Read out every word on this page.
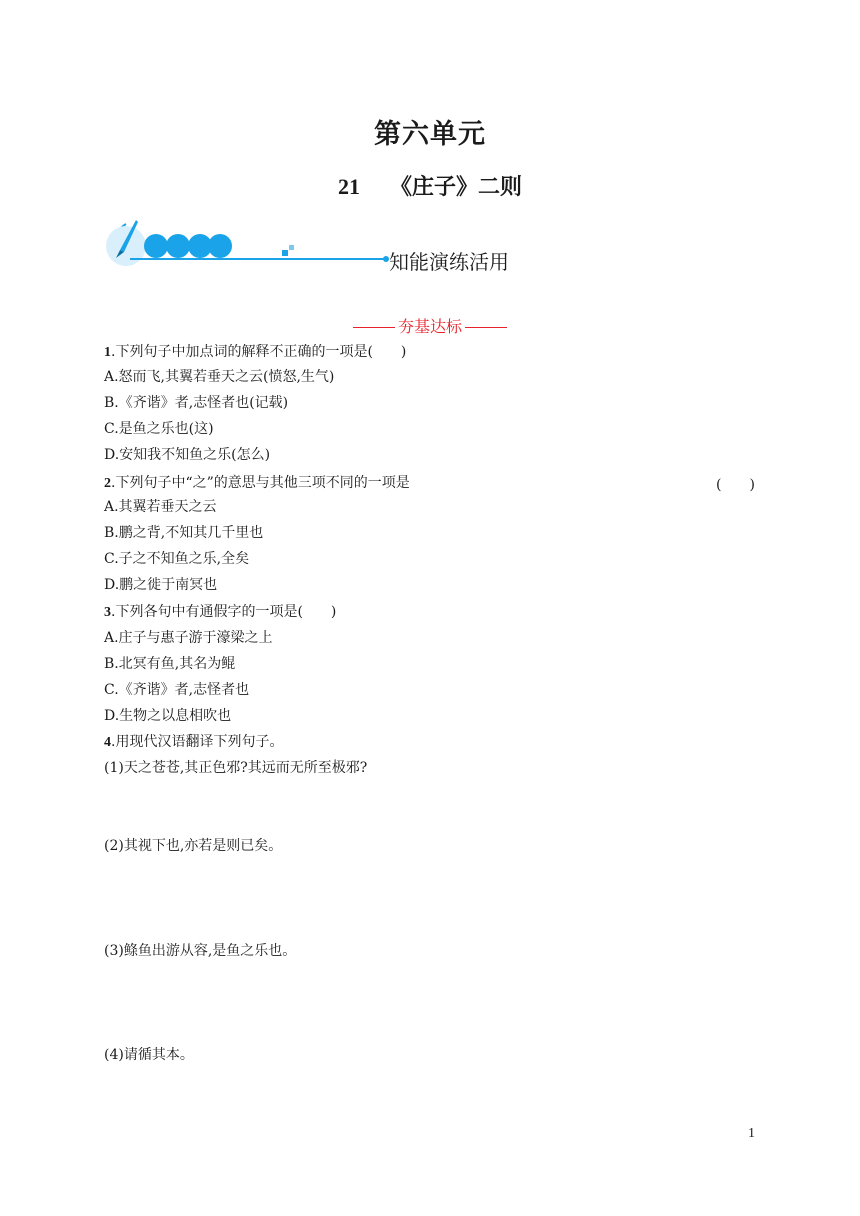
第六单元
21 《庄子》二则
知能演练活用
夯基达标
1.下列句子中加点词的解释不正确的一项是(　　)
A.怒而飞,其翼若垂天之云(愤怒,生气)
B.《齐谐》者,志怪者也(记载)
C.是鱼之乐也(这)
D.安知我不知鱼之乐(怎么)
2.下列句子中“之”的意思与其他三项不同的一项是	(　　)
A.其翼若垂天之云
B.鹏之背,不知其几千里也
C.子之不知鱼之乐,全矣
D.鹏之徙于南冥也
3.下列各句中有通假字的一项是(　　)
A.庄子与惠子游于濠梁之上
B.北冥有鱼,其名为鲲
C.《齐谐》者,志怪者也
D.生物之以息相吹也
4.用现代汉语翻译下列句子。
(1)天之苍苍,其正色邪?其远而无所至极邪?
(2)其视下也,亦若是则已矣。
(3)鲦鱼出游从容,是鱼之乐也。
(4)请循其本。
1
